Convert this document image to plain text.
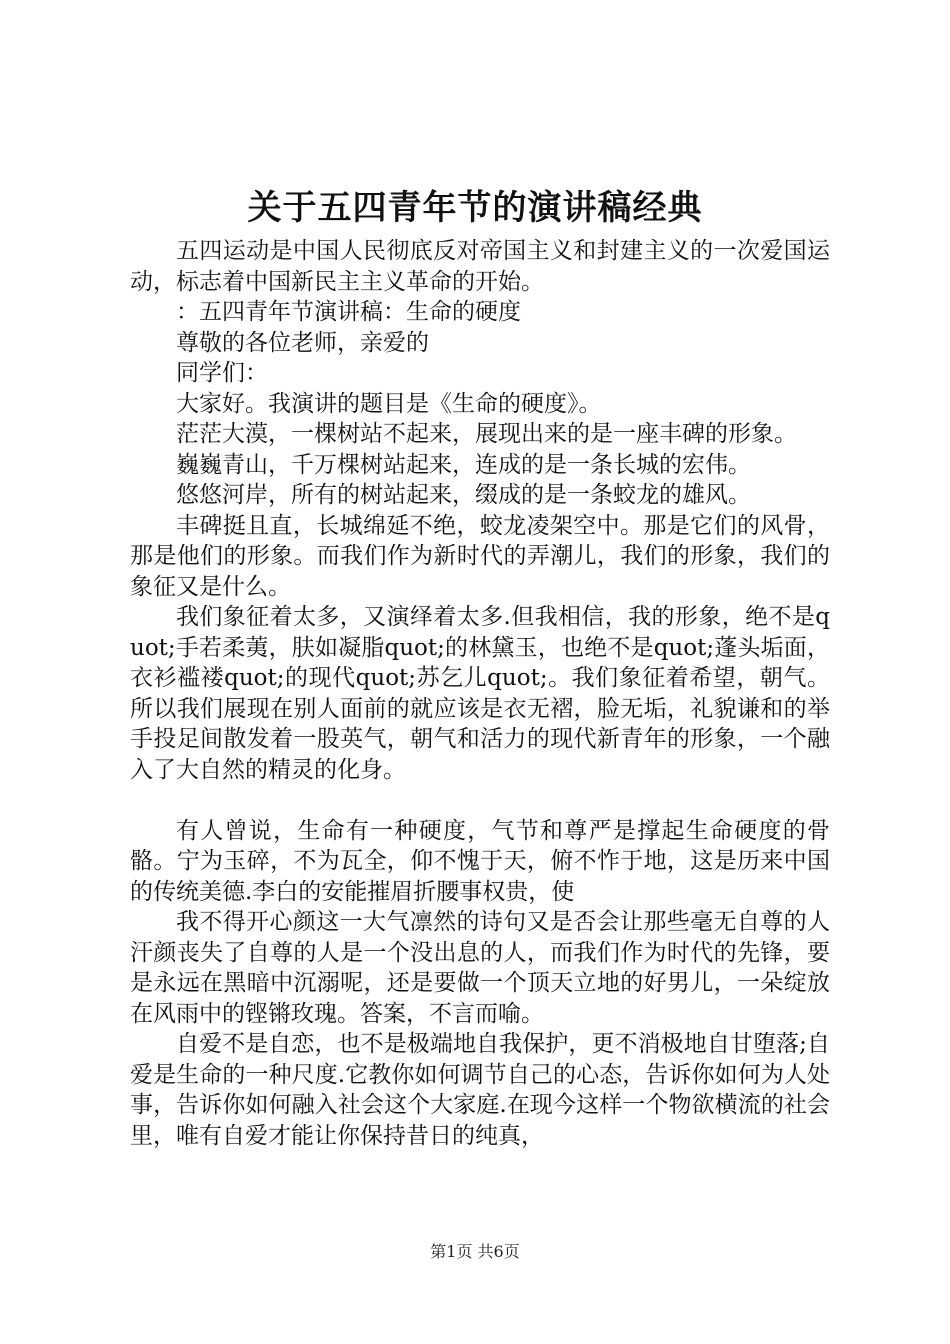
关于五四青年节的演讲稿经典

五四运动是中国人民彻底反对帝国主义和封建主义的一次爱国运动，标志着中国新民主主义革命的开始。

：五四青年节演讲稿：生命的硬度

尊敬的各位老师，亲爱的

同学们：

大家好。我演讲的题目是《生命的硬度》。

茫茫大漠，一棵树站不起来，展现出来的是一座丰碑的形象。

巍巍青山，千万棵树站起来，连成的是一条长城的宏伟。

悠悠河岸，所有的树站起来，缀成的是一条蛟龙的雄风。

丰碑挺且直，长城绵延不绝，蛟龙凌架空中。那是它们的风骨，那是他们的形象。而我们作为新时代的弄潮儿，我们的形象，我们的象征又是什么。

我们象征着太多，又演绎着太多.但我相信，我的形象，绝不是quot;手若柔荑，肤如凝脂quot;的林黛玉，也绝不是quot;蓬头垢面，衣衫褴褛quot;的现代quot;苏乞儿quot;。我们象征着希望，朝气。所以我们展现在别人面前的就应该是衣无褶，脸无垢，礼貌谦和的举手投足间散发着一股英气，朝气和活力的现代新青年的形象，一个融入了大自然的精灵的化身。

有人曾说，生命有一种硬度，气节和尊严是撑起生命硬度的骨骼。宁为玉碎，不为瓦全，仰不愧于天，俯不怍于地，这是历来中国的传统美德.李白的安能摧眉折腰事权贵，使

我不得开心颜这一大气凛然的诗句又是否会让那些毫无自尊的人汗颜丧失了自尊的人是一个没出息的人，而我们作为时代的先锋，要是永远在黑暗中沉溺呢，还是要做一个顶天立地的好男儿，一朵绽放在风雨中的铿锵玫瑰。答案，不言而喻。

自爱不是自恋，也不是极端地自我保护，更不消极地自甘堕落;自爱是生命的一种尺度.它教你如何调节自己的心态，告诉你如何为人处事，告诉你如何融入社会这个大家庭.在现今这样一个物欲横流的社会里，唯有自爱才能让你保持昔日的纯真，

第1页 共6页
